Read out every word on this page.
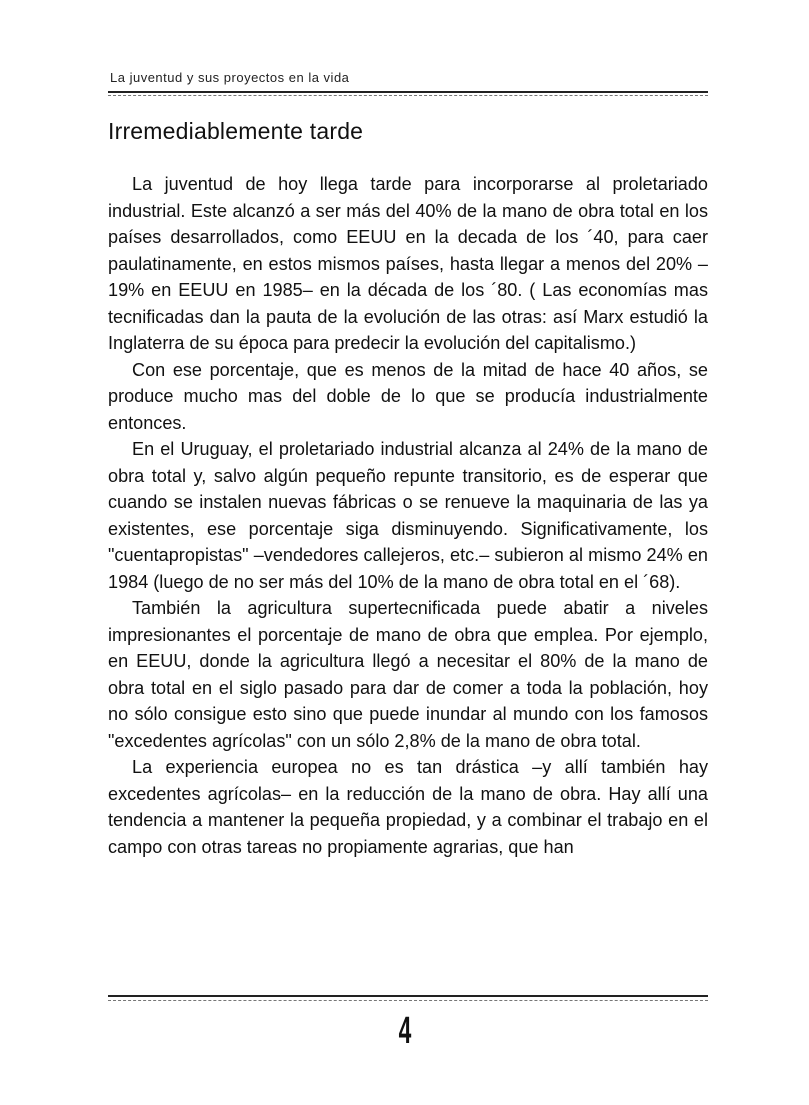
La juventud y sus proyectos en la vida
Irremediablemente tarde

La juventud de hoy llega tarde para incorporarse al proletariado industrial. Este alcanzó a ser más del 40% de la mano de obra total en los países desarrollados, como EEUU en la decada de los ´40, para caer paulatinamente, en estos mismos países, hasta llegar a menos del 20% –19% en EEUU en 1985– en la década de los ´80. ( Las economías mas tecnificadas dan la pauta de la evolución de las otras: así Marx estudió la Inglaterra de su época para predecir la evolución del capitalismo.)

Con ese porcentaje, que es menos de la mitad de hace 40 años, se produce mucho mas del doble de lo que se producía industrialmente entonces.

En el Uruguay, el proletariado industrial alcanza al 24% de la mano de obra total y, salvo algún pequeño repunte transitorio, es de esperar que cuando se instalen nuevas fábricas o se renueve la maquinaria de las ya existentes, ese porcentaje siga disminuyendo. Significativamente, los "cuentapropistas" –vendedores callejeros, etc.– subieron al mismo 24% en 1984 (luego de no ser más del 10% de la mano de obra total en el ´68).

También la agricultura supertecnificada puede abatir a niveles impresionantes el porcentaje de mano de obra que emplea. Por ejemplo, en EEUU, donde la agricultura llegó a necesitar el 80% de la mano de obra total en el siglo pasado para dar de comer a toda la población, hoy no sólo consigue esto sino que puede inundar al mundo con los famosos "excedentes agrícolas" con un sólo 2,8% de la mano de obra total.

La experiencia europea no es tan drástica –y allí también hay excedentes agrícolas– en la reducción de la mano de obra. Hay allí una tendencia a mantener la pequeña propiedad, y a combinar el trabajo en el campo con otras tareas no propiamente agrarias, que han

4
